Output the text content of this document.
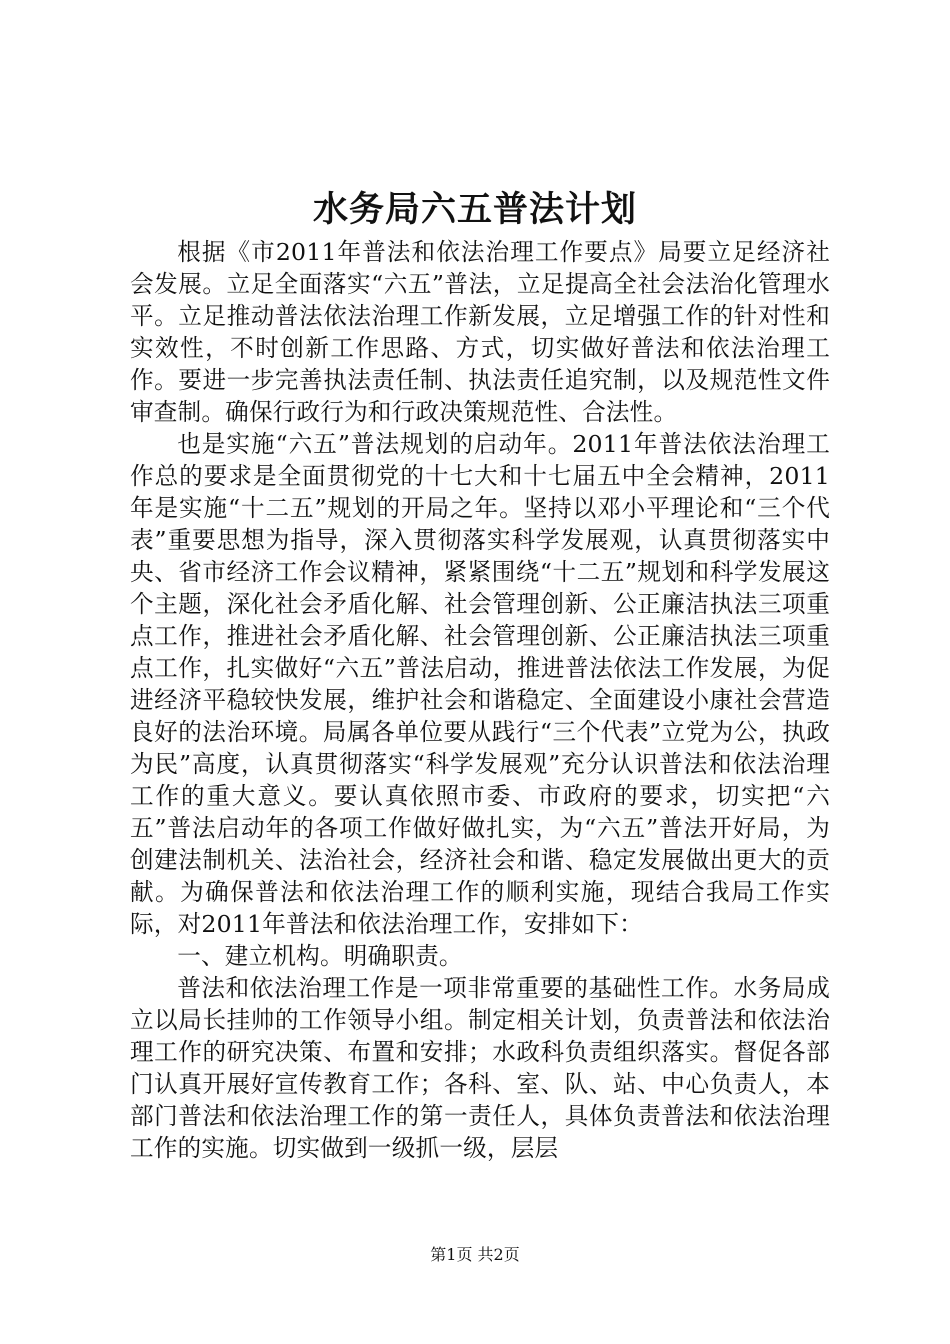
水务局六五普法计划

根据《市2011年普法和依法治理工作要点》局要立足经济社会发展。立足全面落实“六五”普法，立足提高全社会法治化管理水平。立足推动普法依法治理工作新发展，立足增强工作的针对性和实效性，不时创新工作思路、方式，切实做好普法和依法治理工作。要进一步完善执法责任制、执法责任追究制，以及规范性文件审查制。确保行政行为和行政决策规范性、合法性。

也是实施“六五”普法规划的启动年。2011年普法依法治理工作总的要求是全面贯彻党的十七大和十七届五中全会精神，2011年是实施“十二五”规划的开局之年。坚持以邓小平理论和“三个代表”重要思想为指导，深入贯彻落实科学发展观，认真贯彻落实中央、省市经济工作会议精神，紧紧围绕“十二五”规划和科学发展这个主题，深化社会矛盾化解、社会管理创新、公正廉洁执法三项重点工作，推进社会矛盾化解、社会管理创新、公正廉洁执法三项重点工作，扎实做好“六五”普法启动，推进普法依法工作发展，为促进经济平稳较快发展，维护社会和谐稳定、全面建设小康社会营造良好的法治环境。局属各单位要从践行“三个代表”立党为公，执政为民”高度，认真贯彻落实“科学发展观”充分认识普法和依法治理工作的重大意义。要认真依照市委、市政府的要求，切实把“六五”普法启动年的各项工作做好做扎实，为“六五”普法开好局，为创建法制机关、法治社会，经济社会和谐、稳定发展做出更大的贡献。为确保普法和依法治理工作的顺利实施，现结合我局工作实际，对2011年普法和依法治理工作，安排如下：

一、建立机构。明确职责。

普法和依法治理工作是一项非常重要的基础性工作。水务局成立以局长挂帅的工作领导小组。制定相关计划，负责普法和依法治理工作的研究决策、布置和安排；水政科负责组织落实。督促各部门认真开展好宣传教育工作；各科、室、队、站、中心负责人，本部门普法和依法治理工作的第一责任人，具体负责普法和依法治理工作的实施。切实做到一级抓一级，层层

第1页 共2页
